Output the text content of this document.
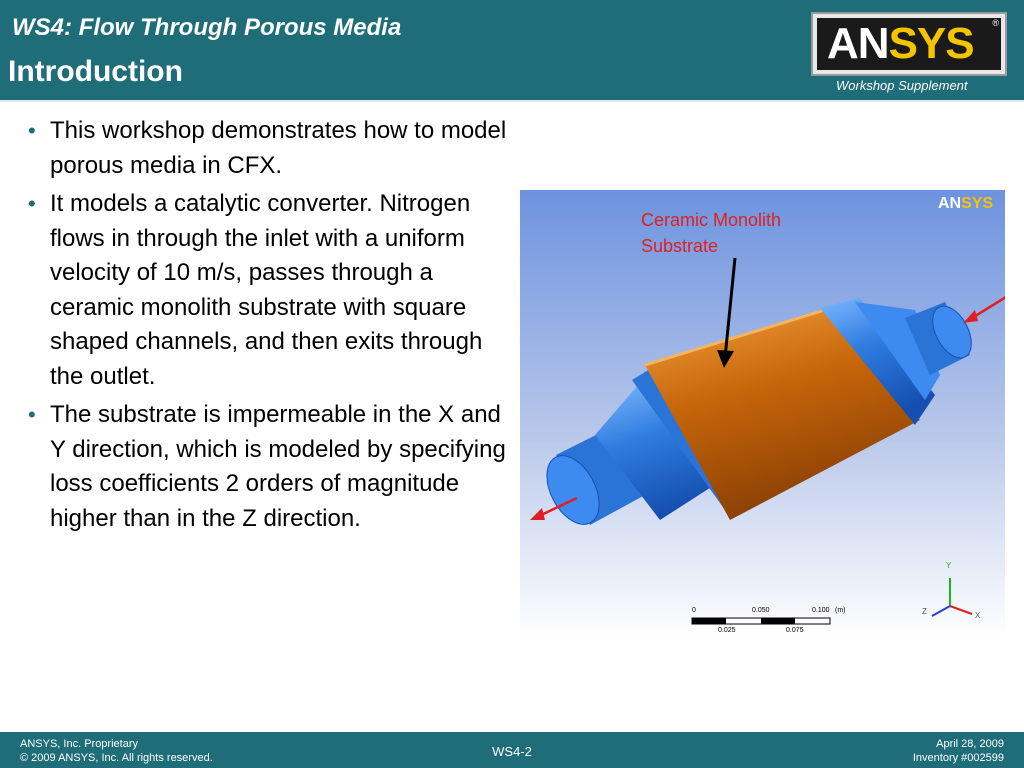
WS4: Flow Through Porous Media
Introduction
ANSYS ®
Workshop Supplement
• This workshop demonstrates how to model porous media in CFX.
• It models a catalytic converter. Nitrogen flows in through the inlet with a uniform velocity of 10 m/s, passes through a ceramic monolith substrate with square shaped channels, and then exits through the outlet.
• The substrate is impermeable in the X and Y direction, which is modeled by specifying loss coefficients 2 orders of magnitude higher than in the Z direction.
ANSYS
Ceramic Monolith
Substrate
0	0.050	0.100 (m)
0.025	0.075
Y
X
Z
ANSYS, Inc. Proprietary
© 2009 ANSYS, Inc. All rights reserved.	WS4-2	April 28, 2009
Inventory #002599
